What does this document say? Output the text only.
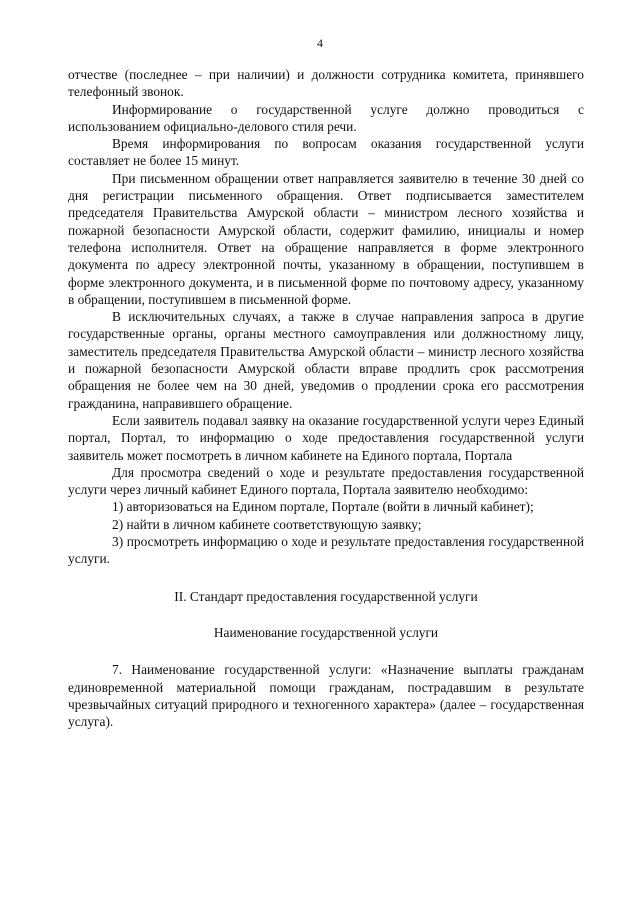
4

отчестве (последнее – при наличии) и должности сотрудника комитета, принявшего телефонный звонок.

Информирование о государственной услуге должно проводиться с использованием официально-делового стиля речи.

Время информирования по вопросам оказания государственной услуги составляет не более 15 минут.

При письменном обращении ответ направляется заявителю в течение 30 дней со дня регистрации письменного обращения. Ответ подписывается заместителем председателя Правительства Амурской области – министром лесного хозяйства и пожарной безопасности Амурской области, содержит фамилию, инициалы и номер телефона исполнителя. Ответ на обращение направляется в форме электронного документа по адресу электронной почты, указанному в обращении, поступившем в форме электронного документа, и в письменной форме по почтовому адресу, указанному в обращении, поступившем в письменной форме.

В исключительных случаях, а также в случае направления запроса в другие государственные органы, органы местного самоуправления или должностному лицу, заместитель председателя Правительства Амурской области – министр лесного хозяйства и пожарной безопасности Амурской области вправе продлить срок рассмотрения обращения не более чем на 30 дней, уведомив о продлении срока его рассмотрения гражданина, направившего обращение.

Если заявитель подавал заявку на оказание государственной услуги через Единый портал, Портал, то информацию о ходе предоставления государственной услуги заявитель может посмотреть в личном кабинете на Единого портала, Портала

Для просмотра сведений о ходе и результате предоставления государственной услуги через личный кабинет Единого портала, Портала заявителю необходимо:

1) авторизоваться на Едином портале, Портале (войти в личный кабинет);

2) найти в личном кабинете соответствующую заявку;

3) просмотреть информацию о ходе и результате предоставления государственной услуги.

II. Стандарт предоставления государственной услуги

Наименование государственной услуги

7. Наименование государственной услуги: «Назначение выплаты гражданам единовременной материальной помощи гражданам, пострадавшим в результате чрезвычайных ситуаций природного и техногенного характера» (далее – государственная услуга).
